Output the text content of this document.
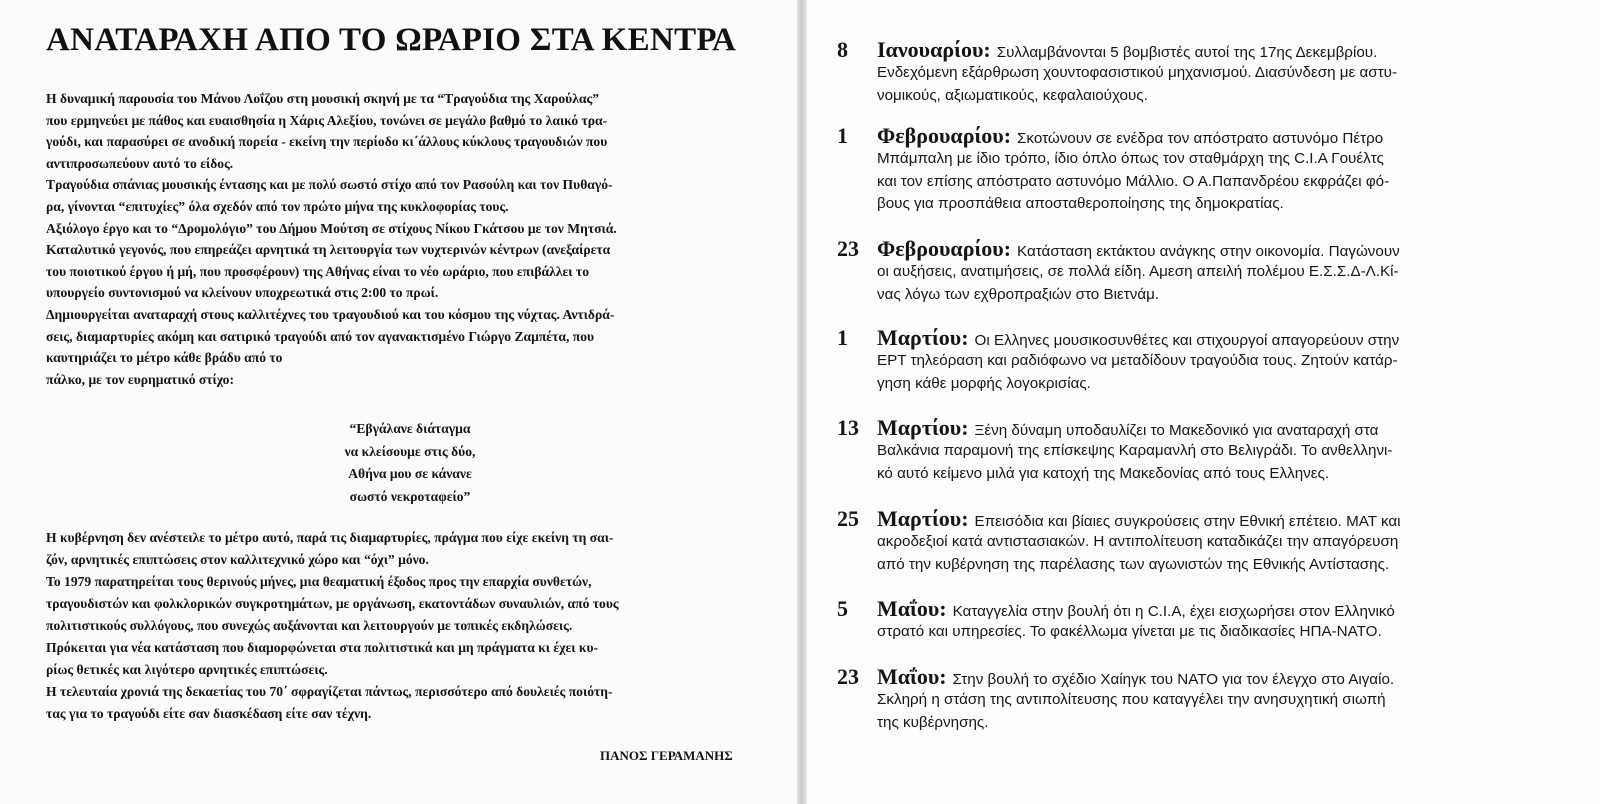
ΑΝΑΤΑΡΑΧΗ ΑΠΟ ΤΟ ΩΡΑΡΙΟ ΣΤΑ ΚΕΝΤΡΑ
Η δυναμική παρουσία του Μάνου Λοΐζου στη μουσική σκηνή με τα “Τραγούδια της Χαρούλας”
που ερμηνεύει με πάθος και ευαισθησία η Χάρις Αλεξίου, τονώνει σε μεγάλο βαθμό το λαικό τρα-
γούδι, και παρασύρει σε ανοδική πορεία - εκείνη την περίοδο κι΄άλλους κύκλους τραγουδιών που
αντιπροσωπεύουν αυτό το είδος.
Τραγούδια σπάνιας μουσικής έντασης και με πολύ σωστό στίχο από τον Ρασούλη και τον Πυθαγό-
ρα, γίνονται “επιτυχίες” όλα σχεδόν από τον πρώτο μήνα της κυκλοφορίας τους.
Αξιόλογο έργο και το “Δρομολόγιο” του Δήμου Μούτση σε στίχους Νίκου Γκάτσου με τον Μητσιά.
Καταλυτικό γεγονός, που επηρεάζει αρνητικά τη λειτουργία των νυχτερινών κέντρων (ανεξαίρετα
του ποιοτικού έργου ή μή, που προσφέρουν) της Αθήνας είναι το νέο ωράριο, που επιβάλλει το
υπουργείο συντονισμού να κλείνουν υποχρεωτικά στις 2:00 το πρωί.
Δημιουργείται αναταραχή στους καλλιτέχνες του τραγουδιού και του κόσμου της νύχτας. Αντιδρά-
σεις, διαμαρτυρίες ακόμη και σατιρικό τραγούδι από τον αγανακτισμένο Γιώργο Ζαμπέτα, που
καυτηριάζει το μέτρο κάθε βράδυ από το
πάλκο, με τον ευρηματικό στίχο:
“Εβγάλανε διάταγμα
να κλείσουμε στις δύο,
Αθήνα μου σε κάνανε
σωστό νεκροταφείο”
Η κυβέρνηση δεν ανέστειλε το μέτρο αυτό, παρά τις διαμαρτυρίες, πράγμα που είχε εκείνη τη σαι-
ζόν, αρνητικές επιπτώσεις στον καλλιτεχνικό χώρο και “όχι” μόνο.
Το 1979 παρατηρείται τους θερινούς μήνες, μια θεαματική έξοδος προς την επαρχία συνθετών,
τραγουδιστών και φολκλορικών συγκροτημάτων, με οργάνωση, εκατοντάδων συναυλιών, από τους
πολιτιστικούς συλλόγους, που συνεχώς αυξάνονται και λειτουργούν με τοπικές εκδηλώσεις.
Πρόκειται για νέα κατάσταση που διαμορφώνεται στα πολιτιστικά και μη πράγματα κι έχει κυ-
ρίως θετικές και λιγότερο αρνητικές επιπτώσεις.
Η τελευταία χρονιά της δεκαετίας του 70΄ σφραγίζεται πάντως, περισσότερο από δουλειές ποιότη-
τας για το τραγούδι είτε σαν διασκέδαση είτε σαν τέχνη.

ΠΑΝΟΣ ΓΕΡΑΜΑΝΗΣ

8 Ιανουαρίου: Συλλαμβάνονται 5 βομβιστές αυτοί της 17ης Δεκεμβρίου.
Ενδεχόμενη εξάρθρωση χουντοφασιστικού μηχανισμού. Διασύνδεση με αστυ-
νομικούς, αξιωματικούς, κεφαλαιούχους.
1 Φεβρουαρίου: Σκοτώνουν σε ενέδρα τον απόστρατο αστυνόμο Πέτρο
Μπάμπαλη με ίδιο τρόπο, ίδιο όπλο όπως τον σταθμάρχη της C.I.A Γουέλτς
και τον επίσης απόστρατο αστυνόμο Μάλλιο. Ο Α.Παπανδρέου εκφράζει φό-
βους για προσπάθεια αποσταθεροποίησης της δημοκρατίας.
23 Φεβρουαρίου: Κατάσταση εκτάκτου ανάγκης στην οικονομία. Παγώνουν
οι αυξήσεις, ανατιμήσεις, σε πολλά είδη. Αμεση απειλή πολέμου Ε.Σ.Σ.Δ-Λ.Κί-
νας λόγω των εχθροπραξιών στο Βιετνάμ.
1 Μαρτίου: Οι Ελληνες μουσικοσυνθέτες και στιχουργοί απαγορεύουν στην
ΕΡΤ τηλεόραση και ραδιόφωνο να μεταδίδουν τραγούδια τους. Ζητούν κατάρ-
γηση κάθε μορφής λογοκρισίας.
13 Μαρτίου: Ξένη δύναμη υποδαυλίζει το Μακεδονικό για αναταραχή στα
Βαλκάνια παραμονή της επίσκεψης Καραμανλή στο Βελιγράδι. Το ανθελληνι-
κό αυτό κείμενο μιλά για κατοχή της Μακεδονίας από τους Ελληνες.
25 Μαρτίου: Επεισόδια και βίαιες συγκρούσεις στην Εθνική επέτειο. ΜΑΤ και
ακροδεξιοί κατά αντιστασιακών. Η αντιπολίτευση καταδικάζει την απαγόρευση
από την κυβέρνηση της παρέλασης των αγωνιστών της Εθνικής Αντίστασης.
5 Μαΐου: Καταγγελία στην βουλή ότι η C.I.A, έχει εισχωρήσει στον Ελληνικό
στρατό και υπηρεσίες. Το φακέλλωμα γίνεται με τις διαδικασίες ΗΠΑ-ΝΑΤΟ.
23 Μαΐου: Στην βουλή το σχέδιο Χαίηγκ του ΝΑΤΟ για τον έλεγχο στο Αιγαίο.
Σκληρή η στάση της αντιπολίτευσης που καταγγέλει την ανησυχητική σιωπή
της κυβέρνησης.
